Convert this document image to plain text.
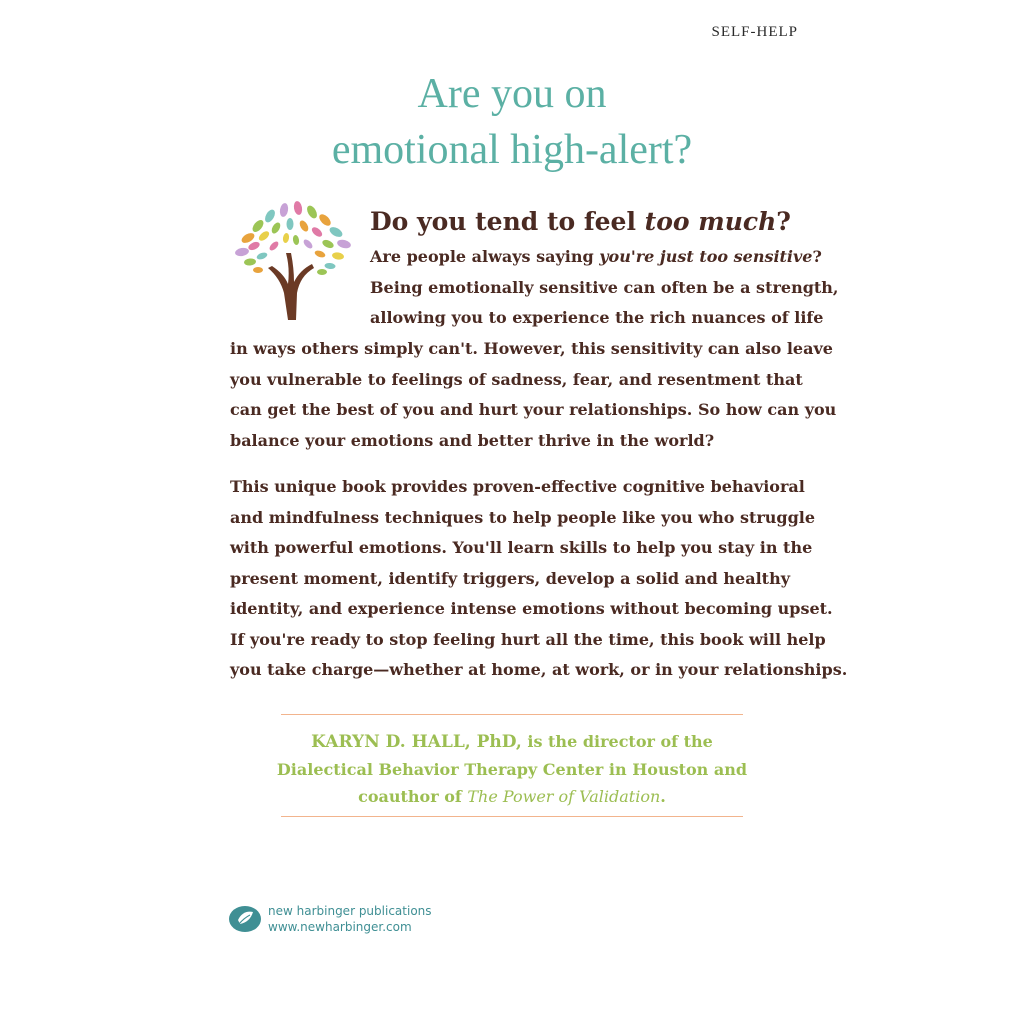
SELF-HELP
Are you on
emotional high-alert?
Do you tend to feel too much?
Are people always saying you're just too sensitive?
Being emotionally sensitive can often be a strength,
allowing you to experience the rich nuances of life
in ways others simply can't. However, this sensitivity can also leave
you vulnerable to feelings of sadness, fear, and resentment that
can get the best of you and hurt your relationships. So how can you
balance your emotions and better thrive in the world?
This unique book provides proven-effective cognitive behavioral
and mindfulness techniques to help people like you who struggle
with powerful emotions. You'll learn skills to help you stay in the
present moment, identify triggers, develop a solid and healthy
identity, and experience intense emotions without becoming upset.
If you're ready to stop feeling hurt all the time, this book will help
you take charge—whether at home, at work, or in your relationships.
KARYN D. HALL, PhD, is the director of the
Dialectical Behavior Therapy Center in Houston and
coauthor of The Power of Validation.
new harbinger publications
www.newharbinger.com
